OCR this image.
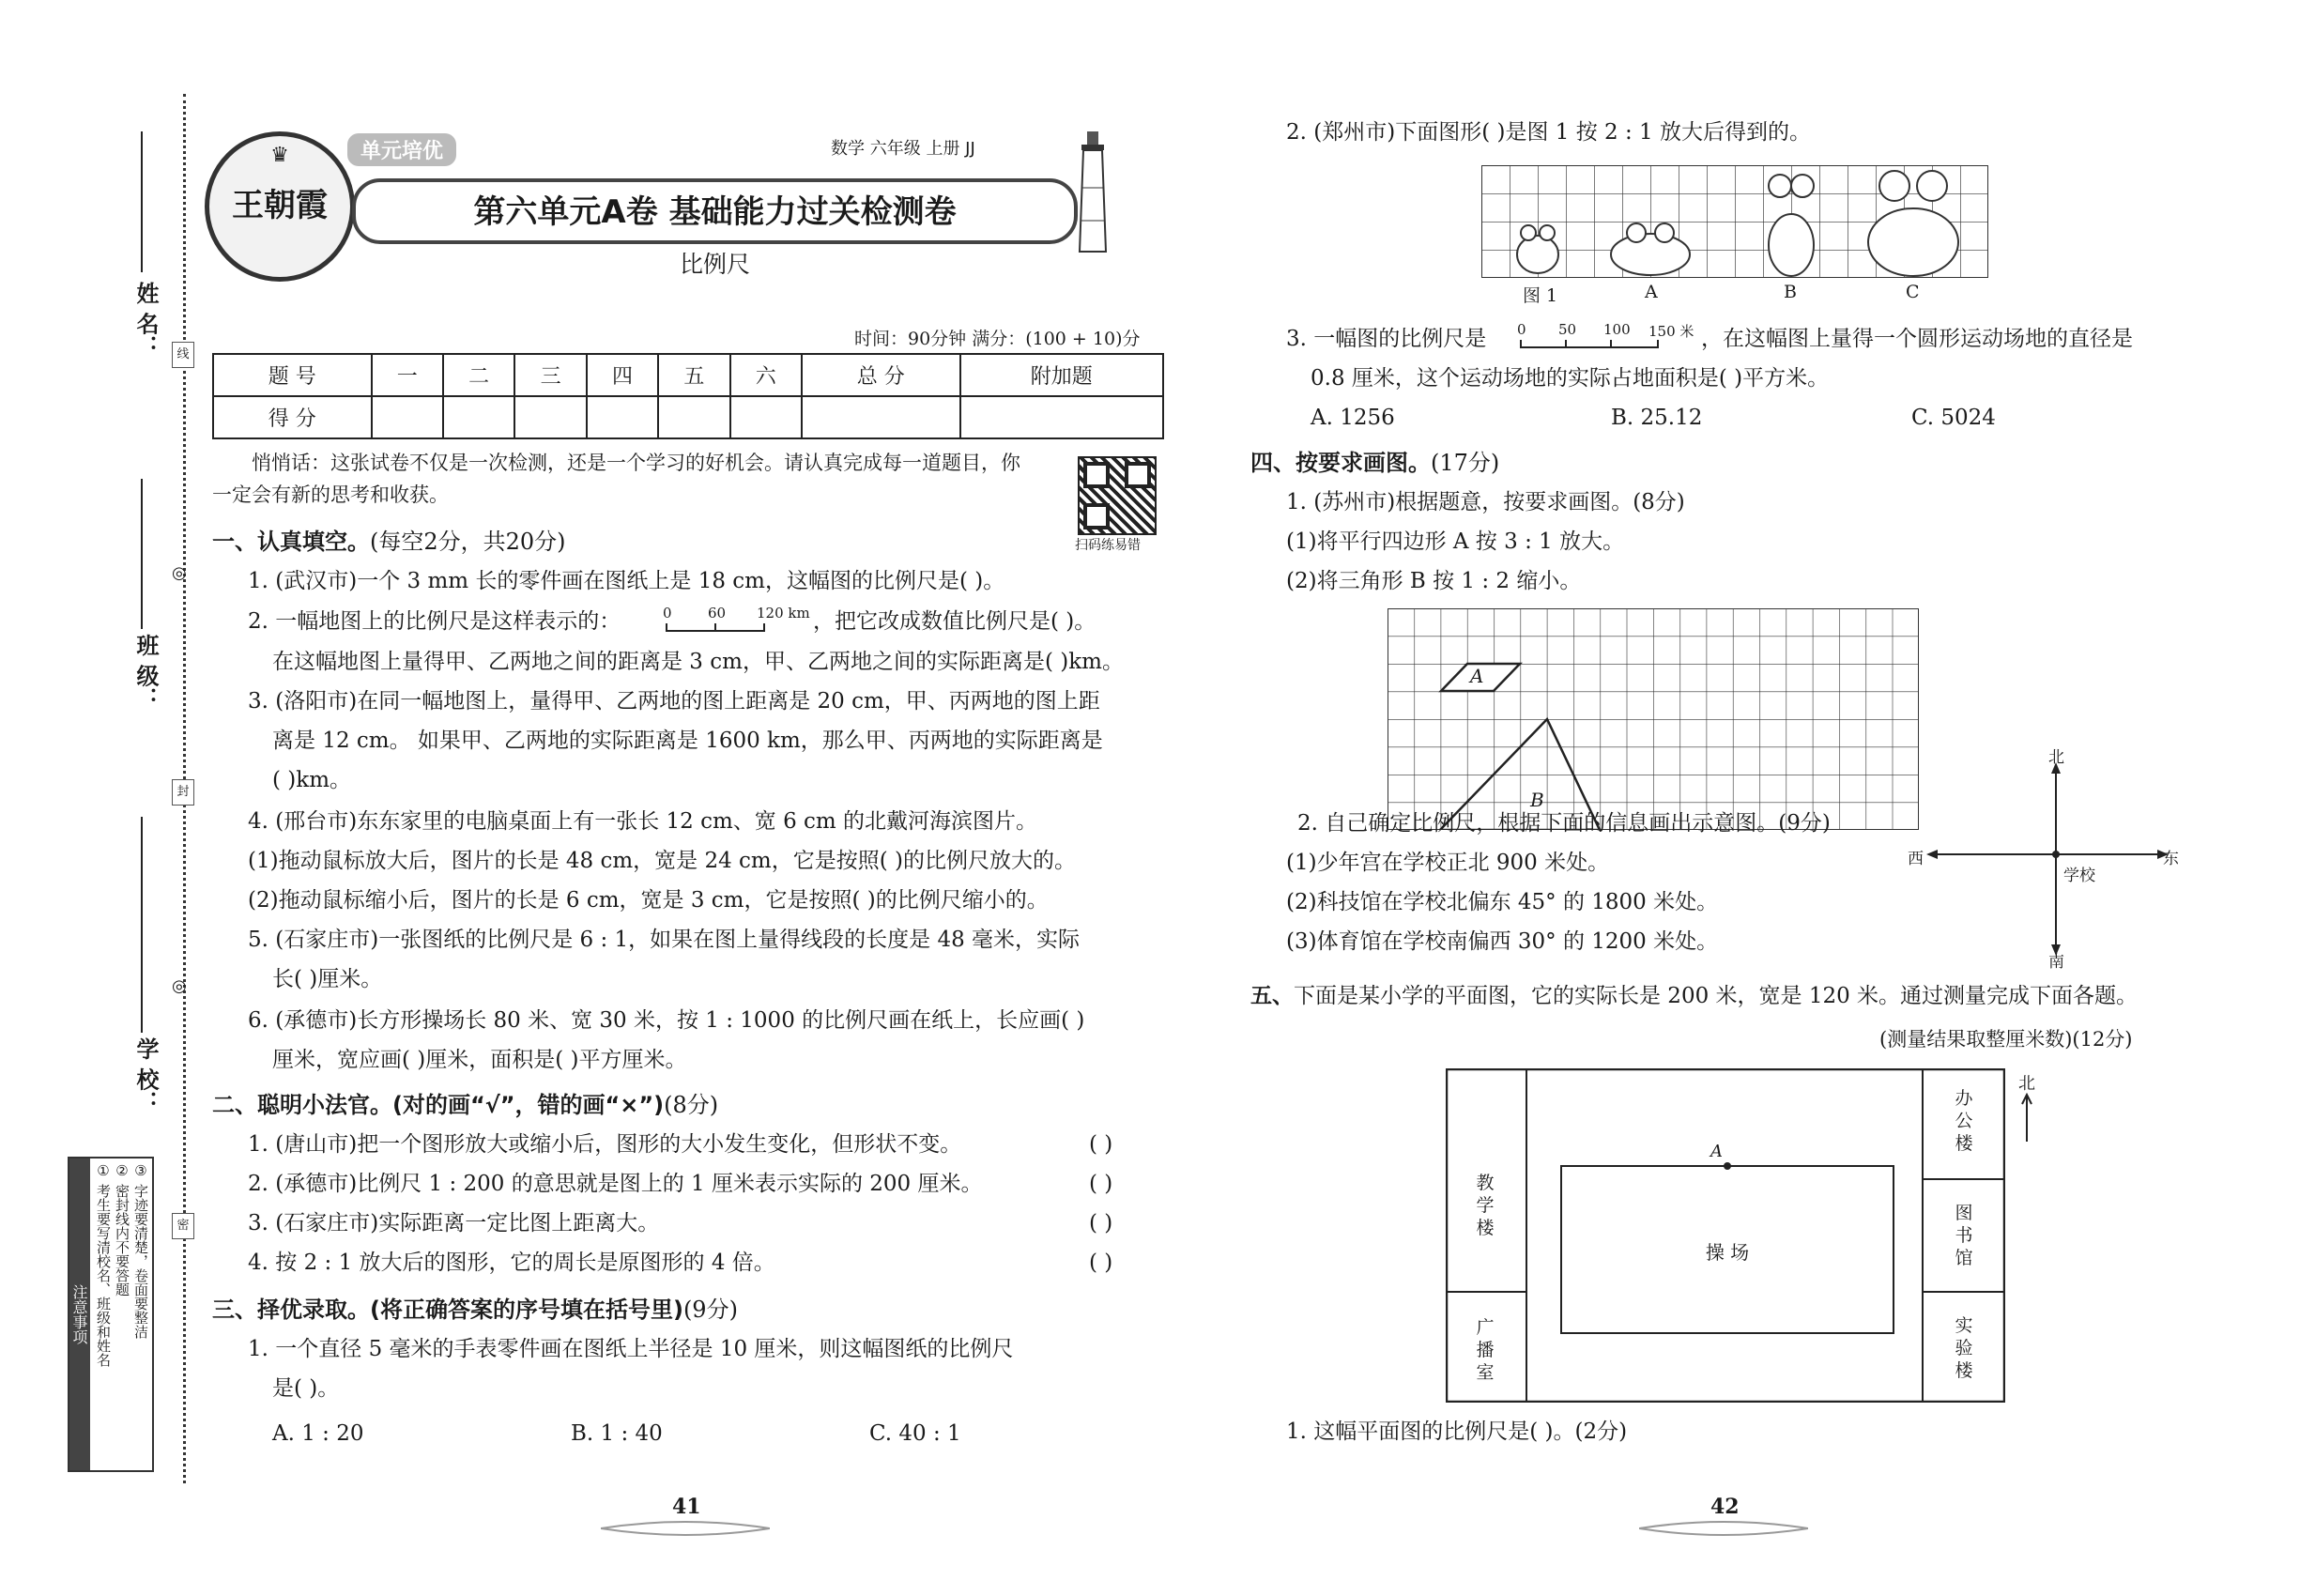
线
封
密
◎
◎
姓 名：
班 级：
学 校：
注意事项 ① 考生要写清校名、班级和姓名 ② 密封线内不要答题 ③ 字迹要清楚，卷面要整洁
王朝霞
♛	单元培优	数学 六年级 上册 JJ
第六单元A卷 基础能力过关检测卷
比例尺
时间：90分钟 满分：(100 + 10)分
题 号	一	二	三	四	五	六	总 分	附加题
得 分								
悄悄话：这张试卷不仅是一次检测，还是一个学习的好机会。请认真完成每一道题目，你
一定会有新的思考和收获。
扫码练易错
一、认真填空。(每空2分，共20分)
1. (武汉市)一个 3 mm 长的零件画在图纸上是 18 cm，这幅图的比例尺是( )。
2. 一幅地图上的比例尺是这样表示的：	0	60 120 km ，把它改成数值比例尺是( )。
在这幅地图上量得甲、乙两地之间的距离是 3 cm，甲、乙两地之间的实际距离是( )km。
3. (洛阳市)在同一幅地图上，量得甲、乙两地的图上距离是 20 cm，甲、丙两地的图上距
离是 12 cm。 如果甲、乙两地的实际距离是 1600 km，那么甲、丙两地的实际距离是
( )km。
4. (邢台市)东东家里的电脑桌面上有一张长 12 cm、宽 6 cm 的北戴河海滨图片。
(1)拖动鼠标放大后，图片的长是 48 cm，宽是 24 cm，它是按照( )的比例尺放大的。
(2)拖动鼠标缩小后，图片的长是 6 cm，宽是 3 cm，它是按照( )的比例尺缩小的。
5. (石家庄市)一张图纸的比例尺是 6 : 1，如果在图上量得线段的长度是 48 毫米，实际
长( )厘米。
6. (承德市)长方形操场长 80 米、宽 30 米，按 1 : 1000 的比例尺画在纸上，长应画( )
厘米，宽应画( )厘米，面积是( )平方厘米。
二、聪明小法官。(对的画“√”，错的画“×”)(8分)
1. (唐山市)把一个图形放大或缩小后，图形的大小发生变化，但形状不变。	( )
2. (承德市)比例尺 1 : 200 的意思就是图上的 1 厘米表示实际的 200 厘米。	( )
3. (石家庄市)实际距离一定比图上距离大。	( )
4. 按 2 : 1 放大后的图形，它的周长是原图形的 4 倍。	( )
三、择优录取。(将正确答案的序号填在括号里)(9分)
1. 一个直径 5 毫米的手表零件画在图纸上半径是 10 厘米，则这幅图纸的比例尺
是( )。
A. 1 : 20	B. 1 : 40	C. 40 : 1
41
2. (郑州市)下面图形( )是图 1 按 2 : 1 放大后得到的。
图 1	A	B	C
3. 一幅图的比例尺是 0 50 100 150 米 ，在这幅图上量得一个圆形运动场地的直径是
0.8 厘米，这个运动场地的实际占地面积是( )平方米。
A. 1256	B. 25.12	C. 5024
四、按要求画图。(17分)
1. (苏州市)根据题意，按要求画图。(8分)
(1)将平行四边形 A 按 3 : 1 放大。
(2)将三角形 B 按 1 : 2 缩小。
A
B
2. 自己确定比例尺，根据下面的信息画出示意图。(9分)
(1)少年宫在学校正北 900 米处。
(2)科技馆在学校北偏东 45° 的 1800 米处。
(3)体育馆在学校南偏西 30° 的 1200 米处。
北
南
东
西
学校
五、下面是某小学的平面图，它的实际长是 200 米，宽是 120 米。通过测量完成下面各题。
(测量结果取整厘米数)(12分)
教学楼
广播室
办公楼
图书馆
实验楼
操 场
A
北
1. 这幅平面图的比例尺是( )。(2分)
42
